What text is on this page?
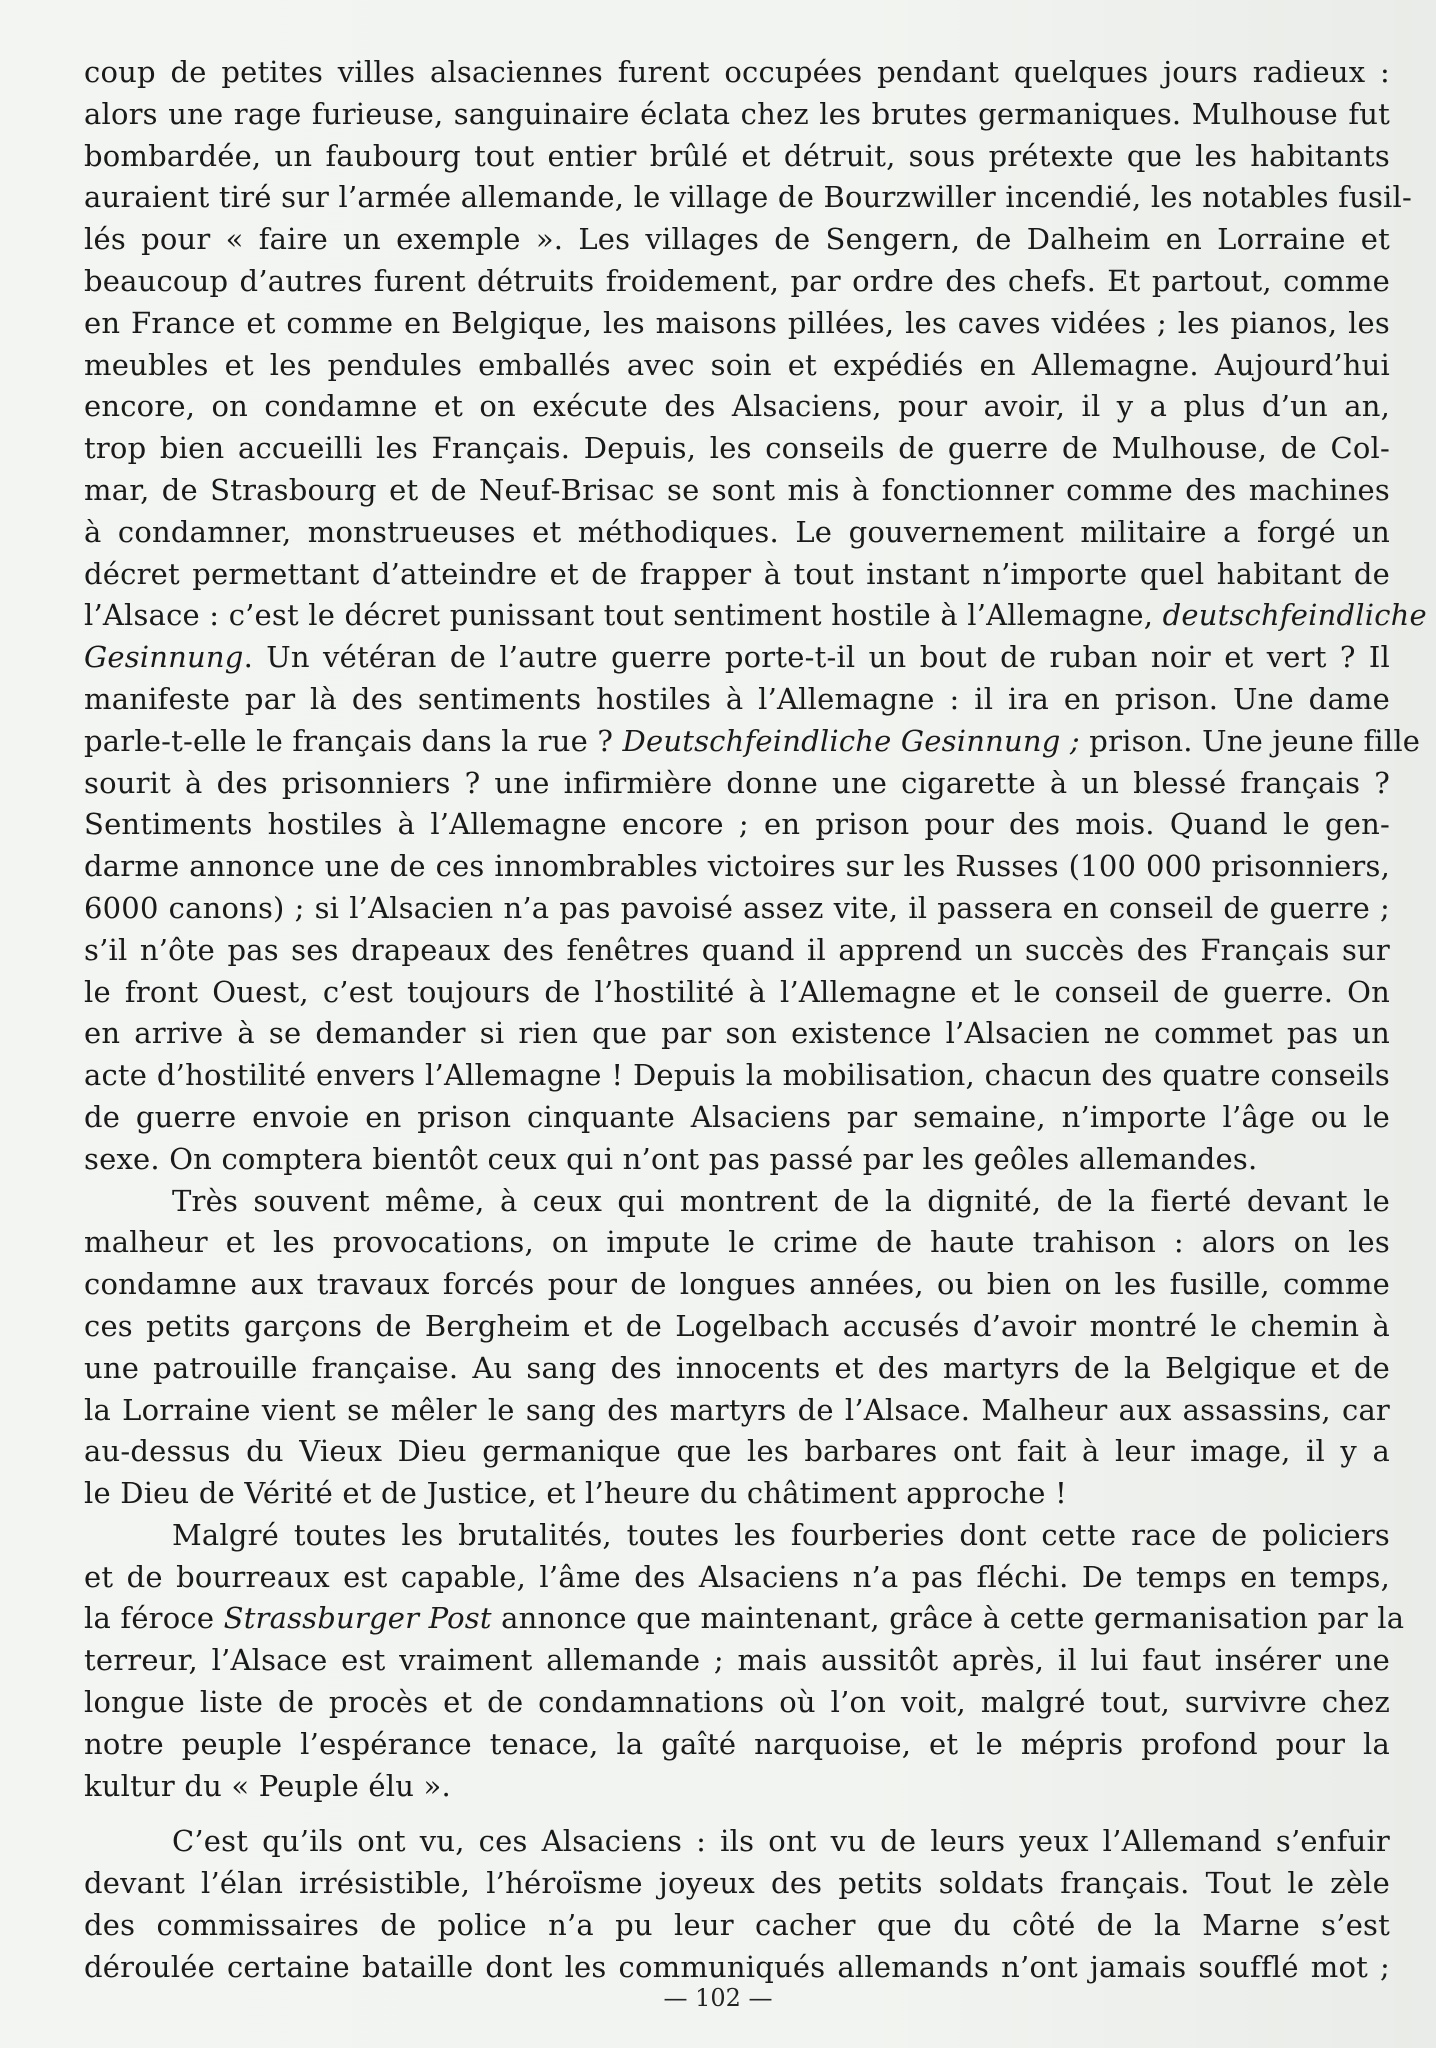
coup de petites villes alsaciennes furent occupées pendant quelques jours radieux :
alors une rage furieuse, sanguinaire éclata chez les brutes germaniques. Mulhouse fut
bombardée, un faubourg tout entier brûlé et détruit, sous prétexte que les habitants
auraient tiré sur l’armée allemande, le village de Bourzwiller incendié, les notables fusil-
lés pour « faire un exemple ». Les villages de Sengern, de Dalheim en Lorraine et
beaucoup d’autres furent détruits froidement, par ordre des chefs. Et partout, comme
en France et comme en Belgique, les maisons pillées, les caves vidées ; les pianos, les
meubles et les pendules emballés avec soin et expédiés en Allemagne. Aujourd’hui
encore, on condamne et on exécute des Alsaciens, pour avoir, il y a plus d’un an,
trop bien accueilli les Français. Depuis, les conseils de guerre de Mulhouse, de Col-
mar, de Strasbourg et de Neuf-Brisac se sont mis à fonctionner comme des machines
à condamner, monstrueuses et méthodiques. Le gouvernement militaire a forgé un
décret permettant d’atteindre et de frapper à tout instant n’importe quel habitant de
l’Alsace : c’est le décret punissant tout sentiment hostile à l’Allemagne, deutschfeindliche
Gesinnung. Un vétéran de l’autre guerre porte-t-il un bout de ruban noir et vert ? Il
manifeste par là des sentiments hostiles à l’Allemagne : il ira en prison. Une dame
parle-t-elle le français dans la rue ? Deutschfeindliche Gesinnung ; prison. Une jeune fille
sourit à des prisonniers ? une infirmière donne une cigarette à un blessé français ?
Sentiments hostiles à l’Allemagne encore ; en prison pour des mois. Quand le gen-
darme annonce une de ces innombrables victoires sur les Russes (100 000 prisonniers,
6000 canons) ; si l’Alsacien n’a pas pavoisé assez vite, il passera en conseil de guerre ;
s’il n’ôte pas ses drapeaux des fenêtres quand il apprend un succès des Français sur
le front Ouest, c’est toujours de l’hostilité à l’Allemagne et le conseil de guerre. On
en arrive à se demander si rien que par son existence l’Alsacien ne commet pas un
acte d’hostilité envers l’Allemagne ! Depuis la mobilisation, chacun des quatre conseils
de guerre envoie en prison cinquante Alsaciens par semaine, n’importe l’âge ou le
sexe. On comptera bientôt ceux qui n’ont pas passé par les geôles allemandes.
Très souvent même, à ceux qui montrent de la dignité, de la fierté devant le
malheur et les provocations, on impute le crime de haute trahison : alors on les
condamne aux travaux forcés pour de longues années, ou bien on les fusille, comme
ces petits garçons de Bergheim et de Logelbach accusés d’avoir montré le chemin à
une patrouille française. Au sang des innocents et des martyrs de la Belgique et de
la Lorraine vient se mêler le sang des martyrs de l’Alsace. Malheur aux assassins, car
au-dessus du Vieux Dieu germanique que les barbares ont fait à leur image, il y a
le Dieu de Vérité et de Justice, et l’heure du châtiment approche !
Malgré toutes les brutalités, toutes les fourberies dont cette race de policiers
et de bourreaux est capable, l’âme des Alsaciens n’a pas fléchi. De temps en temps,
la féroce Strassburger Post annonce que maintenant, grâce à cette germanisation par la
terreur, l’Alsace est vraiment allemande ; mais aussitôt après, il lui faut insérer une
longue liste de procès et de condamnations où l’on voit, malgré tout, survivre chez
notre peuple l’espérance tenace, la gaîté narquoise, et le mépris profond pour la
kultur du « Peuple élu ».
C’est qu’ils ont vu, ces Alsaciens : ils ont vu de leurs yeux l’Allemand s’enfuir
devant l’élan irrésistible, l’héroïsme joyeux des petits soldats français. Tout le zèle
des commissaires de police n’a pu leur cacher que du côté de la Marne s’est
déroulée certaine bataille dont les communiqués allemands n’ont jamais soufflé mot ;
— 102 —
